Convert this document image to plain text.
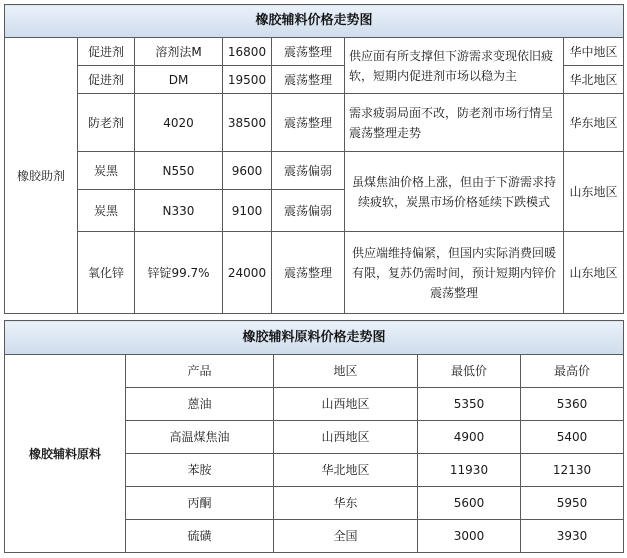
橡胶辅料价格走势图						
橡胶助剂	促进剂	溶剂法M	16800	震荡整理	供应面有所支撑但下游需求变现依旧疲软，短期内促进剂市场以稳为主	华中地区
	促进剂	DM	19500	震荡整理		华北地区
	防老剂	4020	38500	震荡整理	需求疲弱局面不改，防老剂市场行情呈震荡整理走势	华东地区
	炭黑	N550	9600	震荡偏弱	虽煤焦油价格上涨，但由于下游需求持续疲软，炭黑市场价格延续下跌模式	山东地区
	炭黑	N330	9100	震荡偏弱		
	氧化锌	锌锭99.7%	24000	震荡整理	供应端维持偏紧，但国内实际消费回暖有限，复苏仍需时间，预计短期内锌价震荡整理	山东地区
橡胶辅料原料价格走势图				
橡胶辅料原料	产品	地区	最低价	最高价
	蒽油	山西地区	5350	5360
	高温煤焦油	山西地区	4900	5400
	苯胺	华北地区	11930	12130
	丙酮	华东	5600	5950
	硫磺	全国	3000	3930
